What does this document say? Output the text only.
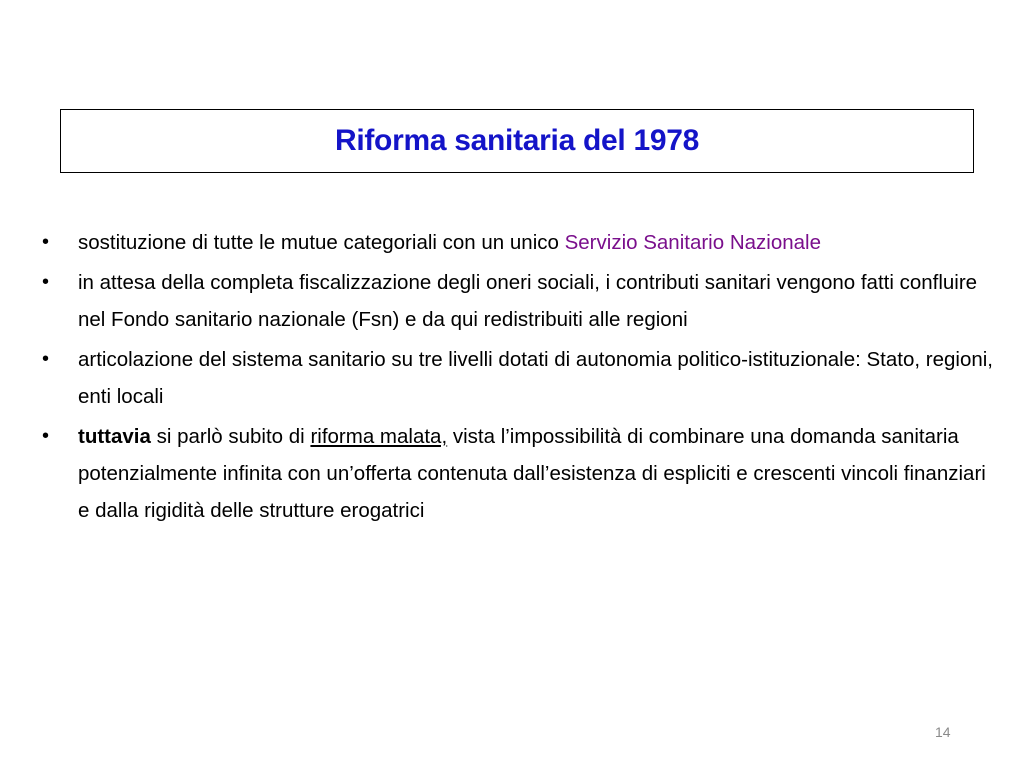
Riforma sanitaria del 1978
• sostituzione di tutte le mutue categoriali con un unico Servizio Sanitario Nazionale
• in attesa della completa fiscalizzazione degli oneri sociali, i contributi sanitari vengono fatti confluire nel Fondo sanitario nazionale (Fsn) e da qui redistribuiti alle regioni
• articolazione del sistema sanitario su tre livelli dotati di autonomia politico-istituzionale: Stato, regioni, enti locali
• tuttavia si parlò subito di riforma malata, vista l’impossibilità di combinare una domanda sanitaria potenzialmente infinita con un’offerta contenuta dall’esistenza di espliciti e crescenti vincoli finanziari e dalla rigidità delle strutture erogatrici
14
